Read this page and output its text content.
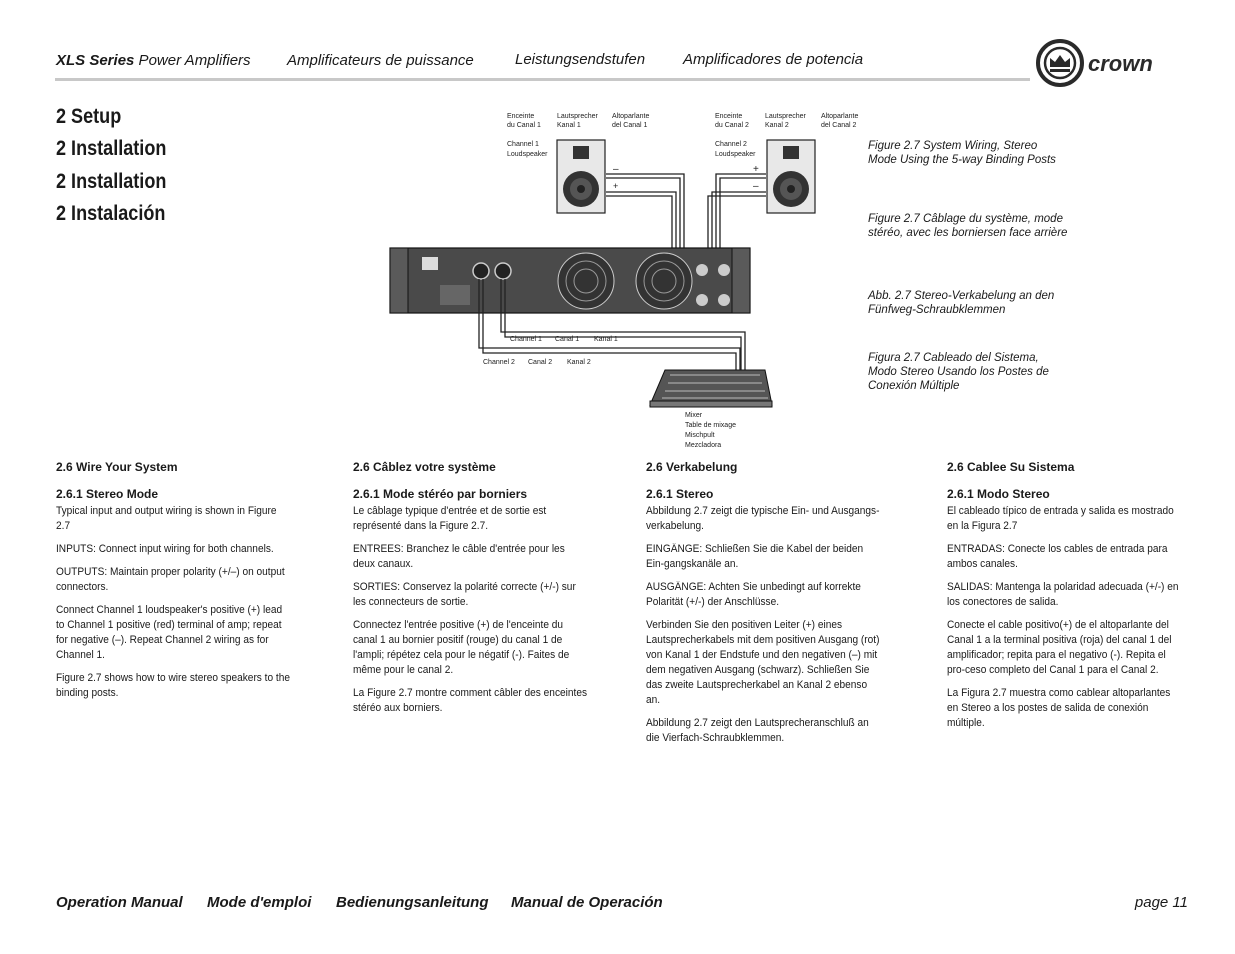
XLS Series Power Amplifiers Amplificateurs de puissance	Leistungsendstufen	Amplificadores de potencia	crown
2 Setup
2 Installation
2 Installation
2 Instalación
Enceinte
du Canal 1
Lautsprecher
Kanal 1
Altoparlante
del Canal 1
Channel 1
Loudspeaker
–
+
Enceinte
du Canal 2
Lautsprecher
Kanal 2
Altoparlante
del Canal 2
Channel 2
Loudspeaker
+
–
Channel 1 Canal 1 Kanal 1
Channel 2 Canal 2 Kanal 2
Mixer
Table de mixage
Mischpult
Mezcladora
Figure 2.7 System Wiring, Stereo Mode Using the 5-way Binding Posts
Figure 2.7 Câblage du système, mode stéréo, avec les borniersen face arrière
Abb. 2.7 Stereo-Verkabelung an den Fünfweg-Schraubklemmen
Figura 2.7 Cableado del Sistema, Modo Stereo Usando los Postes de Conexión Múltiple
2.6 Wire Your System
2.6.1 Stereo Mode

Typical input and output wiring is shown in Figure 2.7

INPUTS: Connect input wiring for both channels.

OUTPUTS: Maintain proper polarity (+/–) on output connectors.

Connect Channel 1 loudspeaker's positive (+) lead to Channel 1 positive (red) terminal of amp; repeat for negative (–). Repeat Channel 2 wiring as for Channel 1.

Figure 2.7 shows how to wire stereo speakers to the binding posts.

2.6 Câblez votre système
2.6.1 Mode stéréo par borniers

Le câblage typique d'entrée et de sortie est représenté dans la Figure 2.7.

ENTREES: Branchez le câble d'entrée pour les deux canaux.

SORTIES: Conservez la polarité correcte (+/-) sur les connecteurs de sortie.

Connectez l'entrée positive (+) de l'enceinte du canal 1 au bornier positif (rouge) du canal 1 de l'ampli; répétez cela pour le négatif (-). Faites de même pour le canal 2.

La Figure 2.7 montre comment câbler des enceintes stéréo aux borniers.

2.6 Verkabelung
2.6.1 Stereo

Abbildung 2.7 zeigt die typische Ein- und Ausgangs-verkabelung.

EINGÄNGE: Schließen Sie die Kabel der beiden Ein-gangskanäle an.

AUSGÄNGE: Achten Sie unbedingt auf korrekte Polarität (+/-) der Anschlüsse.

Verbinden Sie den positiven Leiter (+) eines Lautsprecherkabels mit dem positiven Ausgang (rot) von Kanal 1 der Endstufe und den negativen (–) mit dem negativen Ausgang (schwarz). Schließen Sie das zweite Lautsprecherkabel an Kanal 2 ebenso an.

Abbildung 2.7 zeigt den Lautsprecheranschluß an die Vierfach-Schraubklemmen.

2.6 Cablee Su Sistema
2.6.1 Modo Stereo

El cableado típico de entrada y salida es mostrado en la Figura 2.7

ENTRADAS: Conecte los cables de entrada para ambos canales.

SALIDAS: Mantenga la polaridad adecuada (+/-) en los conectores de salida.

Conecte el cable positivo(+) de el altoparlante del Canal 1 a la terminal positiva (roja) del canal 1 del amplificador; repita para el negativo (-). Repita el pro-ceso completo del Canal 1 para el Canal 2.

La Figura 2.7 muestra como cablear altoparlantes en Stereo a los postes de salida de conexión múltiple.

Operation Manual Mode d'emploi Bedienungsanleitung Manual de Operación	page 11
